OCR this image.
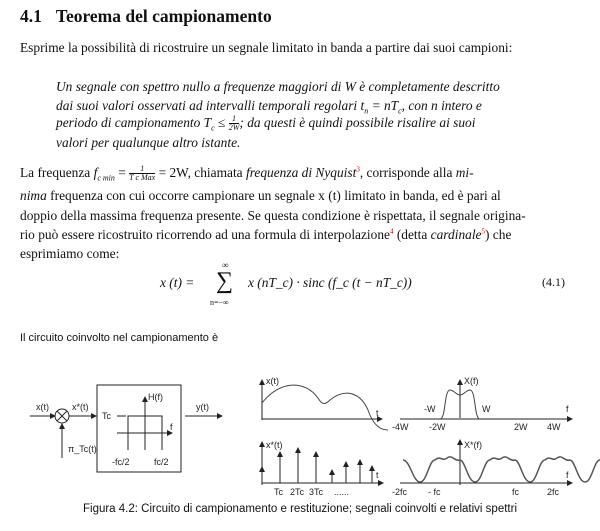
4.1 Teorema del campionamento
Esprime la possibilità di ricostruire un segnale limitato in banda a partire dai suoi campioni:
Un segnale con spettro nullo a frequenze maggiori di W è completamente descritto
dai suoi valori osservati ad intervalli temporali regolari $t_n = nT_c$, con n intero e
periodo di campionamento $T_c \le \frac{1}{2W}$ ; da questi è quindi possibile risalire ai suoi
valori per qualunque altro istante.
La frequenza $f_{c min} = \frac{1}{\text{T c Max}} = 2W$, chiamata frequenza di Nyquist$^3$, corrisponde alla mi-
nima frequenza con cui occorre campionare un segnale x (t) limitato in banda, ed è pari al
doppio della massima frequenza presente. Se questa condizione è rispettata, il segnale origina-
rio può essere ricostruito ricorrendo ad una formula di interpolazione$^4$ (detta cardinale$^5$) che
esprimiamo come:
x (t) =
∞
∑
n=−∞
x (nT_c) · sinc (f_c (t − nT_c))	(4.1)
Il circuito coinvolto nel campionamento è
x(t)	x*(t)
π_Tc(t)
H(f)
Tc
f
-fc/2	fc/2
y(t)
x(t)
t
X(f)
-W	W	f
-4W -2W	2W 4W
x*(t)
t
Tc 2Tc 3Tc ......
X*(f)
f
-2fc - fc	fc	2fc
Figura 4.2: Circuito di campionamento e restituzione; segnali coinvolti e relativi spettri
